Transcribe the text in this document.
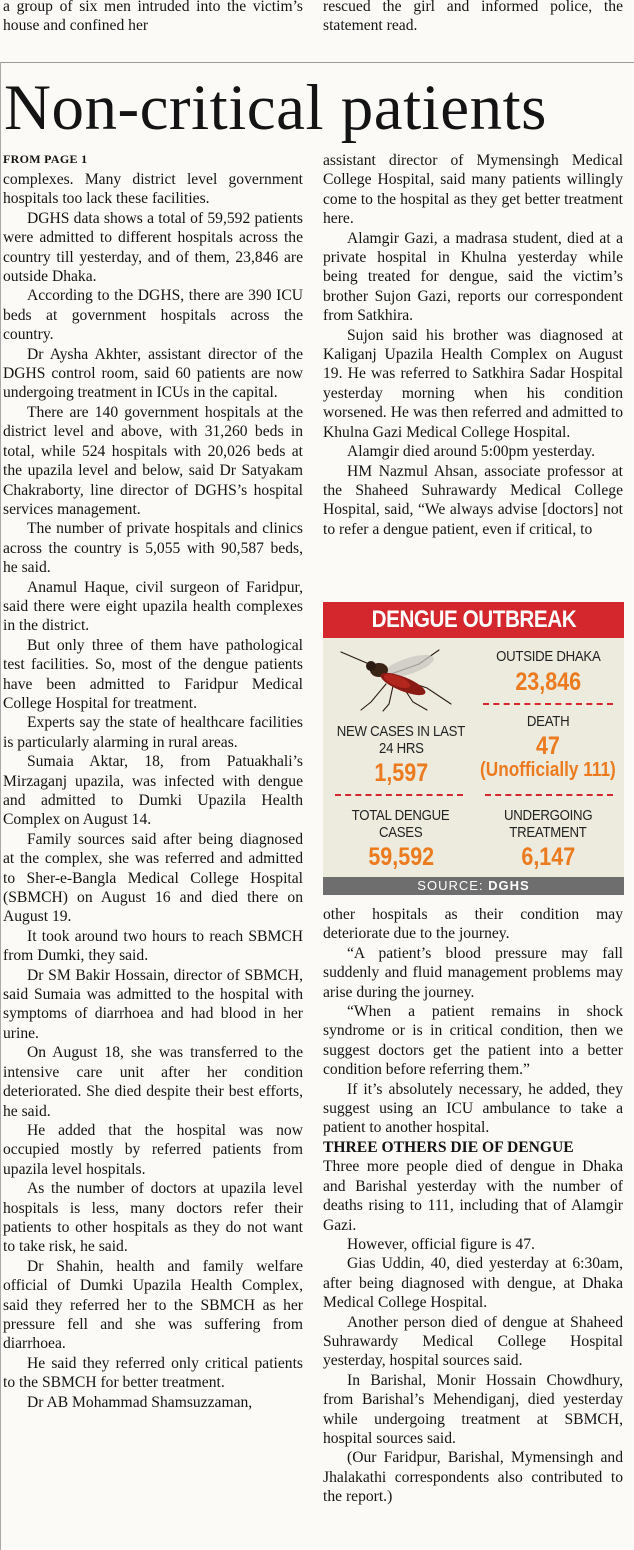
a group of six men intruded into the victim’s house and confined her

rescued the girl and informed police, the statement read.

Non-critical patients
FROM PAGE 1

complexes. Many district level government hospitals too lack these facilities.

DGHS data shows a total of 59,592 patients were admitted to different hospitals across the country till yesterday, and of them, 23,846 are outside Dhaka.

According to the DGHS, there are 390 ICU beds at government hospitals across the country.

Dr Aysha Akhter, assistant director of the DGHS control room, said 60 patients are now undergoing treatment in ICUs in the capital.

There are 140 government hospitals at the district level and above, with 31,260 beds in total, while 524 hospitals with 20,026 beds at the upazila level and below, said Dr Satyakam Chakraborty, line director of DGHS’s hospital services management.

The number of private hospitals and clinics across the country is 5,055 with 90,587 beds, he said.

Anamul Haque, civil surgeon of Faridpur, said there were eight upazila health complexes in the district.

But only three of them have pathological test facilities. So, most of the dengue patients have been admitted to Faridpur Medical College Hospital for treatment.

Experts say the state of healthcare facilities is particularly alarming in rural areas.

Sumaia Aktar, 18, from Patuakhali’s Mirzaganj upazila, was infected with dengue and admitted to Dumki Upazila Health Complex on August 14.

Family sources said after being diagnosed at the complex, she was referred and admitted to Sher-e-Bangla Medical College Hospital (SBMCH) on August 16 and died there on August 19.

It took around two hours to reach SBMCH from Dumki, they said.

Dr SM Bakir Hossain, director of SBMCH, said Sumaia was admitted to the hospital with symptoms of diarrhoea and had blood in her urine.

On August 18, she was transferred to the intensive care unit after her condition deteriorated. She died despite their best efforts, he said.

He added that the hospital was now occupied mostly by referred patients from upazila level hospitals.

As the number of doctors at upazila level hospitals is less, many doctors refer their patients to other hospitals as they do not want to take risk, he said.

Dr Shahin, health and family welfare official of Dumki Upazila Health Complex, said they referred her to the SBMCH as her pressure fell and she was suffering from diarrhoea.

He said they referred only critical patients to the SBMCH for better treatment.

Dr AB Mohammad Shamsuzzaman,

assistant director of Mymensingh Medical College Hospital, said many patients willingly come to the hospital as they get better treatment here.

Alamgir Gazi, a madrasa student, died at a private hospital in Khulna yesterday while being treated for dengue, said the victim’s brother Sujon Gazi, reports our correspondent from Satkhira.

Sujon said his brother was diagnosed at Kaliganj Upazila Health Complex on August 19. He was referred to Satkhira Sadar Hospital yesterday morning when his condition worsened. He was then referred and admitted to Khulna Gazi Medical College Hospital.

Alamgir died around 5:00pm yesterday.

HM Nazmul Ahsan, associate professor at the Shaheed Suhrawardy Medical College Hospital, said, “We always advise [doctors] not to refer a dengue patient, even if critical, to

DENGUE OUTBREAK
OUTSIDE DHAKA
23,846
DEATH
47
(Unofficially 111)
NEW CASES IN LAST
24 HRS
1,597
TOTAL DENGUE
CASES
59,592
UNDERGOING
TREATMENT
6,147
SOURCE: DGHS

other hospitals as their condition may deteriorate due to the journey.

“A patient’s blood pressure may fall suddenly and fluid management problems may arise during the journey.

“When a patient remains in shock syndrome or is in critical condition, then we suggest doctors get the patient into a better condition before referring them.”

If it’s absolutely necessary, he added, they suggest using an ICU ambulance to take a patient to another hospital.

THREE OTHERS DIE OF DENGUE

Three more people died of dengue in Dhaka and Barishal yesterday with the number of deaths rising to 111, including that of Alamgir Gazi.

However, official figure is 47.

Gias Uddin, 40, died yesterday at 6:30am, after being diagnosed with dengue, at Dhaka Medical College Hospital.

Another person died of dengue at Shaheed Suhrawardy Medical College Hospital yesterday, hospital sources said.

In Barishal, Monir Hossain Chowdhury, from Barishal’s Mehendiganj, died yesterday while undergoing treatment at SBMCH, hospital sources said.

(Our Faridpur, Barishal, Mymensingh and Jhalakathi correspondents also contributed to the report.)
